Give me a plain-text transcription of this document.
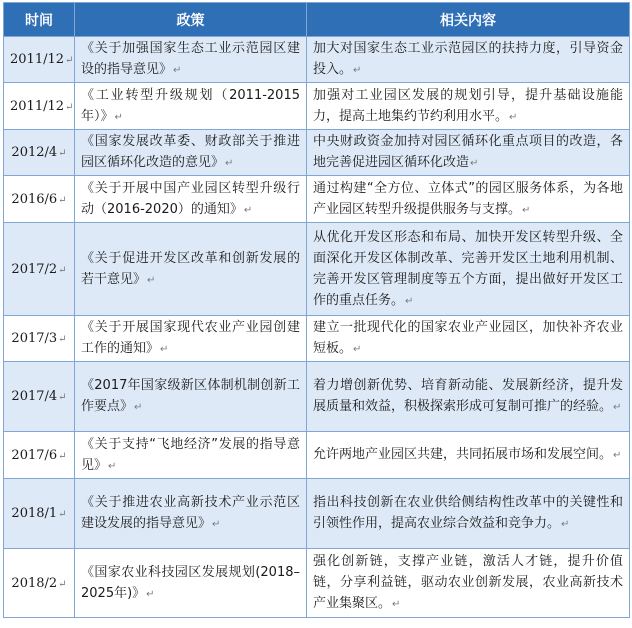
时间	政策	相关内容
2011/12↵	《关于加强国家生态工业示范园区建设的指导意见》↵	加大对国家生态工业示范园区的扶持力度，引导资金投入。↵
2011/12↵	《工业转型升级规划（2011-2015年）》↵	加强对工业园区发展的规划引导，提升基础设施能力，提高土地集约节约利用水平。↵
2012/4↵	《国家发展改革委、财政部关于推进园区循环化改造的意见》↵	中央财政资金加持对园区循环化重点项目的改造，各地完善促进园区循环化改造↵
2016/6↵	《关于开展中国产业园区转型升级行动（2016-2020）的通知》↵	通过构建“全方位、立体式”的园区服务体系，为各地产业园区转型升级提供服务与支撑。↵
2017/2↵	《关于促进开发区改革和创新发展的若干意见》↵	从优化开发区形态和布局、加快开发区转型升级、全面深化开发区体制改革、完善开发区土地利用机制、完善开发区管理制度等五个方面，提出做好开发区工作的重点任务。↵
2017/3↵	《关于开展国家现代农业产业园创建工作的通知》↵	建立一批现代化的国家农业产业园区，加快补齐农业短板。↵
2017/4↵	《2017年国家级新区体制机制创新工作要点》↵	着力增创新优势、培育新动能、发展新经济，提升发展质量和效益，积极探索形成可复制可推广的经验。↵
2017/6↵	《关于支持“飞地经济”发展的指导意见》↵	允许两地产业园区共建，共同拓展市场和发展空间。↵
2018/1↵	《关于推进农业高新技术产业示范区建设发展的指导意见》↵	指出科技创新在农业供给侧结构性改革中的关键性和引领性作用，提高农业综合效益和竞争力。↵
2018/2↵	《国家农业科技园区发展规划(2018–2025年)》↵	强化创新链，支撑产业链，激活人才链，提升价值链，分享利益链，驱动农业创新发展，农业高新技术产业集聚区。↵
